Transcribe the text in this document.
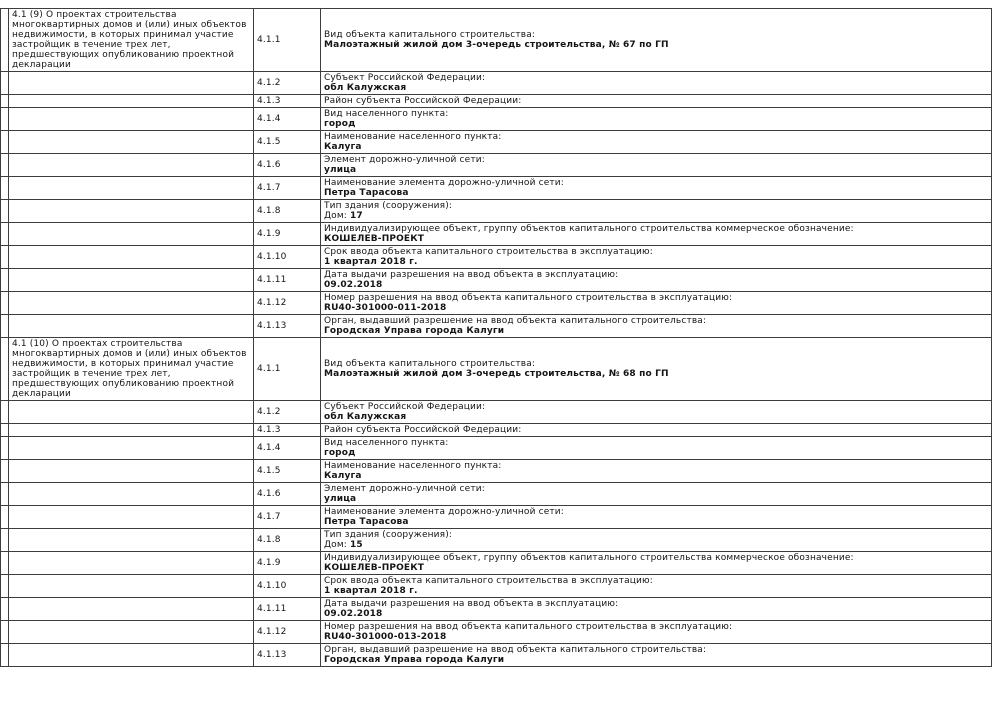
	4.1 (9) О проектах строительства многоквартирных домов и (или) иных объектов недвижимости, в которых принимал участие застройщик в течение трех лет, предшествующих опубликованию проектной декларации	4.1.1	Вид объекта капитального строительства:
Малоэтажный жилой дом 3-очередь строительства, № 67 по ГП

	4.1.2	Субъект Российской Федерации:
обл Калужская

	4.1.3	Район субъекта Российской Федерации:

	4.1.4	Вид населенного пункта:
город

	4.1.5	Наименование населенного пункта:
Калуга

	4.1.6	Элемент дорожно-уличной сети:
улица

	4.1.7	Наименование элемента дорожно-уличной сети:
Петра Тарасова

	4.1.8	Тип здания (сооружения):
Дом: 17

	4.1.9	Индивидуализирующее объект, группу объектов капитального строительства коммерческое обозначение:
КОШЕЛЕВ-ПРОЕКТ

	4.1.10	Срок ввода объекта капитального строительства в эксплуатацию:
1 квартал 2018 г.

	4.1.11	Дата выдачи разрешения на ввод объекта в эксплуатацию:
09.02.2018

	4.1.12	Номер разрешения на ввод объекта капитального строительства в эксплуатацию:
RU40-301000-011-2018

	4.1.13	Орган, выдавший разрешение на ввод объекта капитального строительства:
Городская Управа города Калуги

	4.1 (10) О проектах строительства многоквартирных домов и (или) иных объектов недвижимости, в которых принимал участие застройщик в течение трех лет, предшествующих опубликованию проектной декларации	4.1.1	Вид объекта капитального строительства:
Малоэтажный жилой дом 3-очередь строительства, № 68 по ГП

	4.1.2	Субъект Российской Федерации:
обл Калужская

	4.1.3	Район субъекта Российской Федерации:

	4.1.4	Вид населенного пункта:
город

	4.1.5	Наименование населенного пункта:
Калуга

	4.1.6	Элемент дорожно-уличной сети:
улица

	4.1.7	Наименование элемента дорожно-уличной сети:
Петра Тарасова

	4.1.8	Тип здания (сооружения):
Дом: 15

	4.1.9	Индивидуализирующее объект, группу объектов капитального строительства коммерческое обозначение:
КОШЕЛЕВ-ПРОЕКТ

	4.1.10	Срок ввода объекта капитального строительства в эксплуатацию:
1 квартал 2018 г.

	4.1.11	Дата выдачи разрешения на ввод объекта в эксплуатацию:
09.02.2018

	4.1.12	Номер разрешения на ввод объекта капитального строительства в эксплуатацию:
RU40-301000-013-2018

	4.1.13	Орган, выдавший разрешение на ввод объекта капитального строительства:
Городская Управа города Калуги
